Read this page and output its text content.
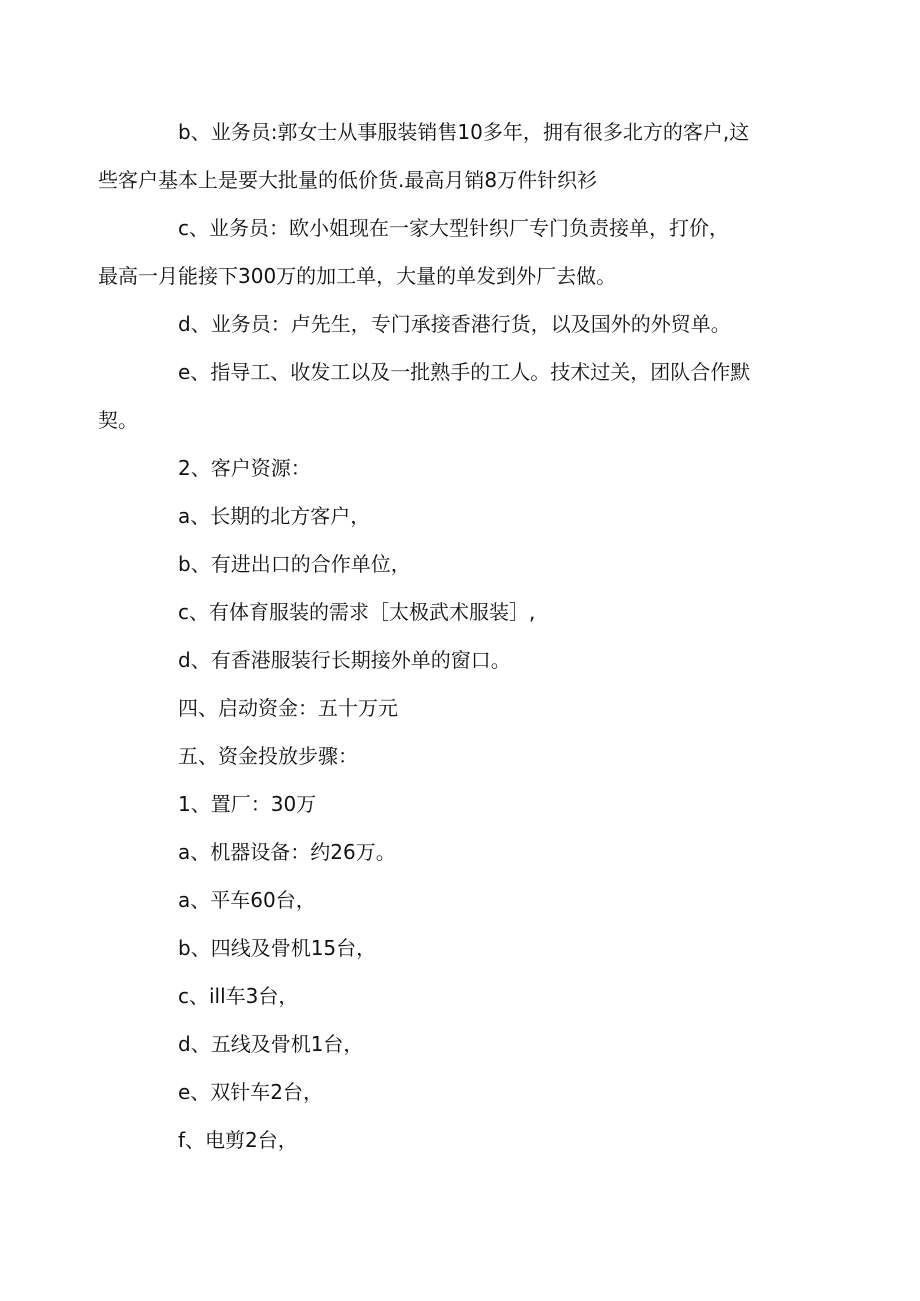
b、业务员:郭女士从事服装销售10多年，拥有很多北方的客户,这
些客户基本上是要大批量的低价货.最高月销8万件针织衫

c、业务员：欧小姐现在一家大型针织厂专门负责接单，打价，
最高一月能接下300万的加工单，大量的单发到外厂去做。

d、业务员：卢先生，专门承接香港行货，以及国外的外贸单。

e、指导工、收发工以及一批熟手的工人。技术过关，团队合作默
契。

2、客户资源：

a、长期的北方客户，

b、有进出口的合作单位，

c、有体育服装的需求［太极武术服装］,

d、有香港服装行长期接外单的窗口。

四、启动资金：五十万元

五、资金投放步骤：

1、置厂：30万

a、机器设备：约26万。

a、平车60台，

b、四线及骨机15台，

c、ill车3台，

d、五线及骨机1台，

e、双针车2台，

f、电剪2台，
